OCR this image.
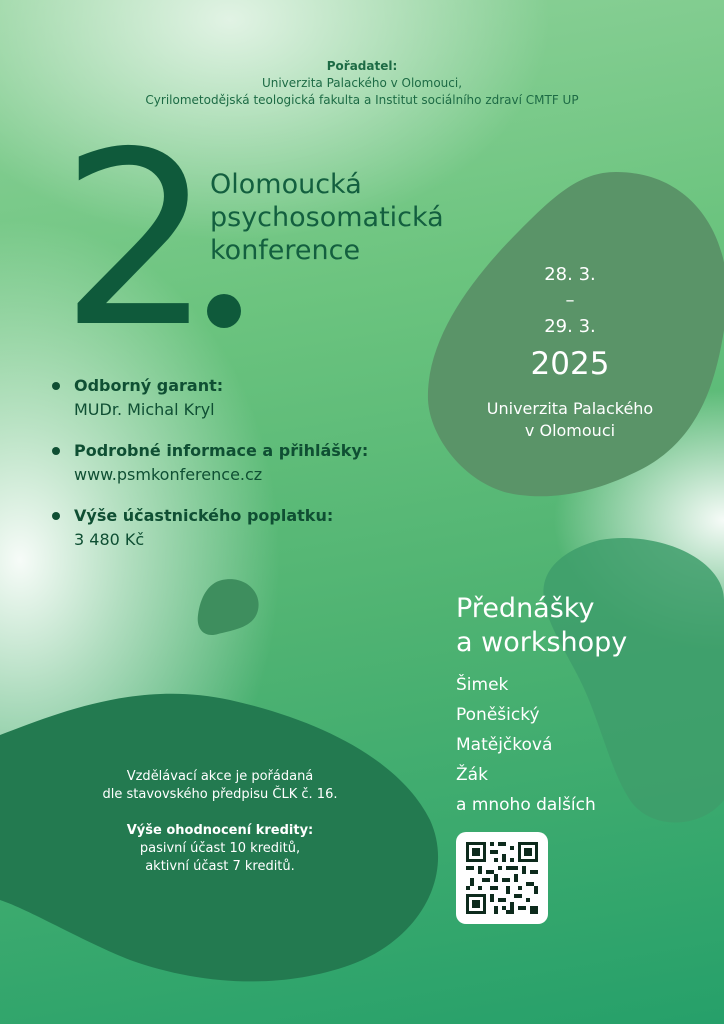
Pořadatel:
Univerzita Palackého v Olomouci,
Cyrilometodějská teologická fakulta a Institut sociálního zdraví CMTF UP
2 Olomoucká
psychosomatická
konference
Odborný garant:
MUDr. Michal Kryl
Podrobné informace a přihlášky:
www.psmkonference.cz
Výše účastnického poplatku:
3 480 Kč
28. 3.
–
29. 3.
2025
Univerzita Palackého
v Olomouci
Přednášky
a workshopy
Šimek
Poněšický
Matějčková
Žák
a mnoho dalších
Vzdělávací akce je pořádaná
dle stavovského předpisu ČLK č. 16.
Výše ohodnocení kredity:
pasivní účast 10 kreditů,
aktivní účast 7 kreditů.
